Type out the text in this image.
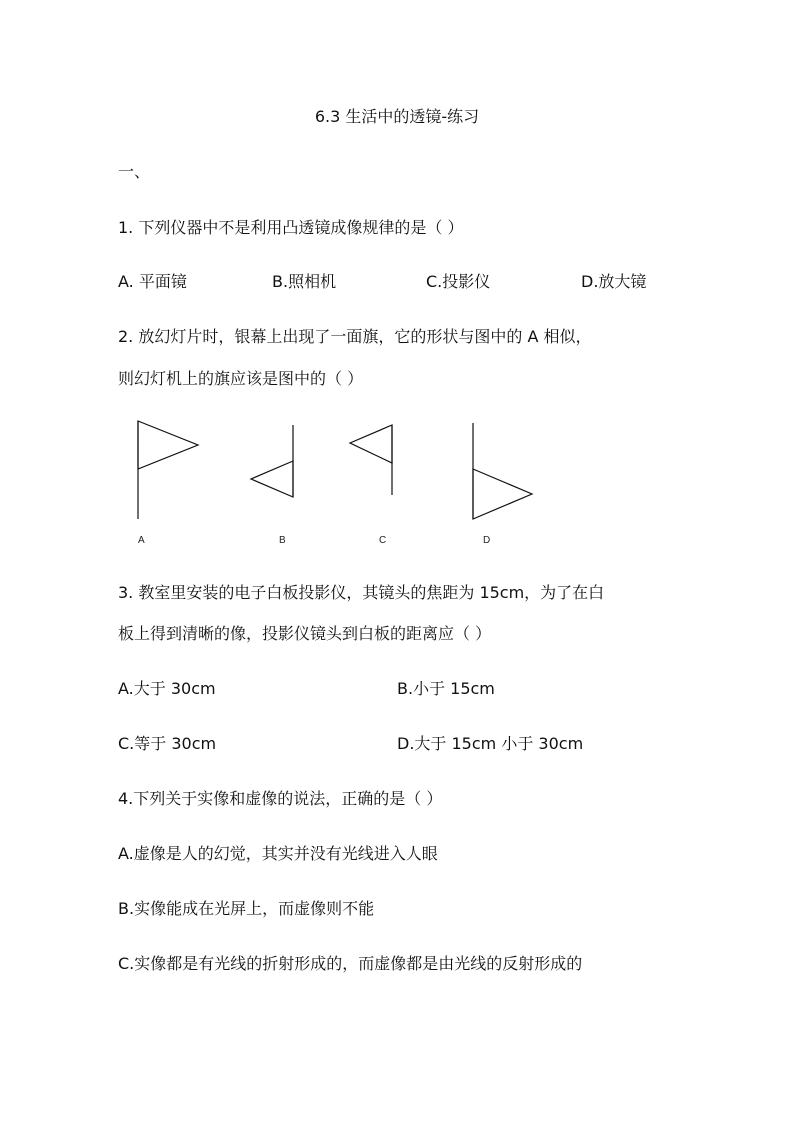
6.3 生活中的透镜-练习
一、
1. 下列仪器中不是利用凸透镜成像规律的是（ ）
A. 平面镜	B.照相机	C.投影仪	D.放大镜
2. 放幻灯片时，银幕上出现了一面旗，它的形状与图中的 A 相似，
则幻灯机上的旗应该是图中的（ ）
A	B	C	D
3. 教室里安装的电子白板投影仪，其镜头的焦距为 15cm，为了在白
板上得到清晰的像，投影仪镜头到白板的距离应（ ）
A.大于 30cm	B.小于 15cm
C.等于 30cm	D.大于 15cm 小于 30cm
4.下列关于实像和虚像的说法，正确的是（ ）
A.虚像是人的幻觉，其实并没有光线进入人眼
B.实像能成在光屏上，而虚像则不能
C.实像都是有光线的折射形成的，而虚像都是由光线的反射形成的
